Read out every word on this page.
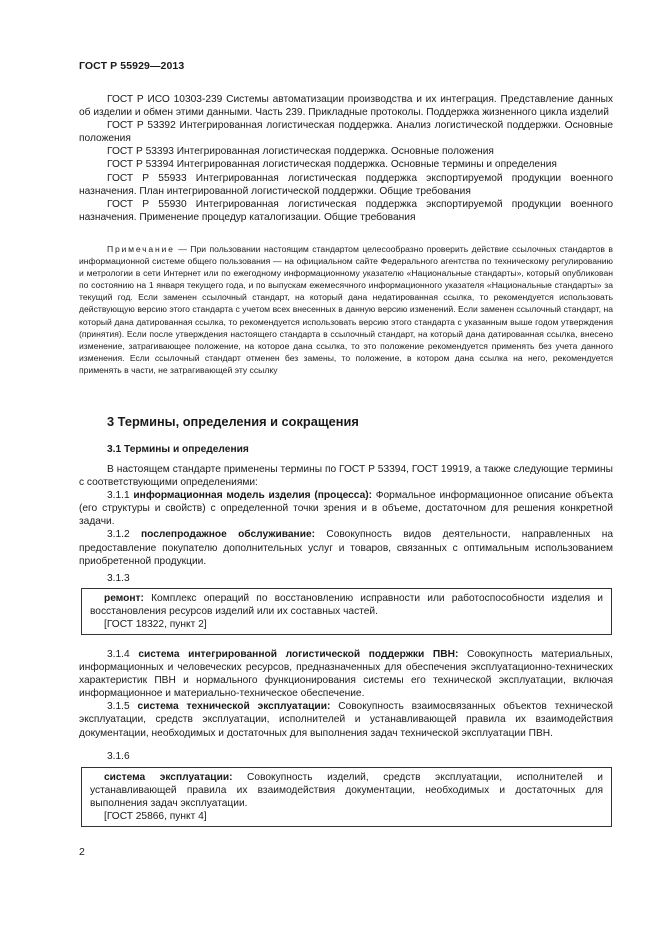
ГОСТ Р 55929—2013

ГОСТ Р ИСО 10303-239 Системы автоматизации производства и их интеграция. Представление данных об изделии и обмен этими данными. Часть 239. Прикладные протоколы. Поддержка жизненного цикла изделий

ГОСТ Р 53392 Интегрированная логистическая поддержка. Анализ логистической поддержки. Основные положения

ГОСТ Р 53393 Интегрированная логистическая поддержка. Основные положения

ГОСТ Р 53394 Интегрированная логистическая поддержка. Основные термины и определения

ГОСТ Р 55933 Интегрированная логистическая поддержка экспортируемой продукции военного назначения. План интегрированной логистической поддержки. Общие требования

ГОСТ Р 55930 Интегрированная логистическая поддержка экспортируемой продукции военного назначения. Применение процедур каталогизации. Общие требования

Примечание — При пользовании настоящим стандартом целесообразно проверить действие ссылочных стандартов в информационной системе общего пользования — на официальном сайте Федерального агентства по техническому регулированию и метрологии в сети Интернет или по ежегодному информационному указателю «Национальные стандарты», который опубликован по состоянию на 1 января текущего года, и по выпускам ежемесячного информационного указателя «Национальные стандарты» за текущий год. Если заменен ссылочный стандарт, на который дана недатированная ссылка, то рекомендуется использовать действующую версию этого стандарта с учетом всех внесенных в данную версию изменений. Если заменен ссылочный стандарт, на который дана датированная ссылка, то рекомендуется использовать версию этого стандарта с указанным выше годом утверждения (принятия). Если после утверждения настоящего стандарта в ссылочный стандарт, на который дана датированная ссылка, внесено изменение, затрагивающее положение, на которое дана ссылка, то это положение рекомендуется применять без учета данного изменения. Если ссылочный стандарт отменен без замены, то положение, в котором дана ссылка на него, рекомендуется применять в части, не затрагивающей эту ссылку

3 Термины, определения и сокращения
3.1 Термины и определения

В настоящем стандарте применены термины по ГОСТ Р 53394, ГОСТ 19919, а также следующие термины с соответствующими определениями:

3.1.1 информационная модель изделия (процесса): Формальное информационное описание объекта (его структуры и свойств) с определенной точки зрения и в объеме, достаточном для решения конкретной задачи.

3.1.2 послепродажное обслуживание: Совокупность видов деятельности, направленных на предоставление покупателю дополнительных услуг и товаров, связанных с оптимальным использованием приобретенной продукции.

3.1.3

ремонт: Комплекс операций по восстановлению исправности или работоспособности изделия и восстановления ресурсов изделий или их составных частей.

[ГОСТ 18322, пункт 2]

3.1.4 система интегрированной логистической поддержки ПВН: Совокупность материальных, информационных и человеческих ресурсов, предназначенных для обеспечения эксплуатационно-технических характеристик ПВН и нормального функционирования системы его технической эксплуатации, включая информационное и материально-техническое обеспечение.

3.1.5 система технической эксплуатации: Совокупность взаимосвязанных объектов технической эксплуатации, средств эксплуатации, исполнителей и устанавливающей правила их взаимодействия документации, необходимых и достаточных для выполнения задач технической эксплуатации ПВН.

3.1.6

система эксплуатации: Совокупность изделий, средств эксплуатации, исполнителей и устанавливающей правила их взаимодействия документации, необходимых и достаточных для выполнения задач эксплуатации.

[ГОСТ 25866, пункт 4]

2
